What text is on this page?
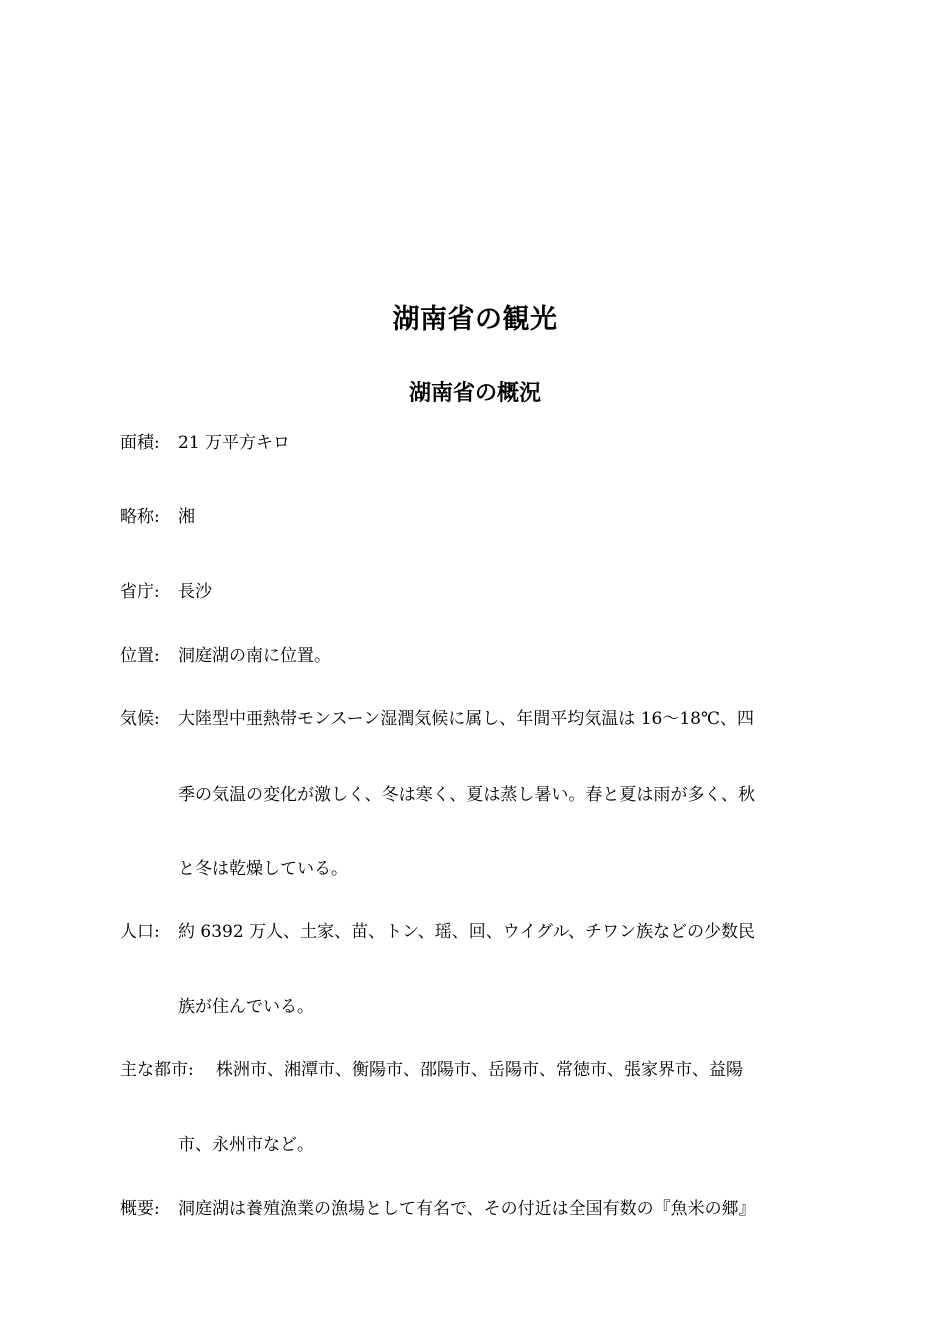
湖南省の観光
湖南省の概況
面積: 21 万平方キロ
略称: 湘
省庁: 長沙
位置: 洞庭湖の南に位置。
気候: 大陸型中亜熱帯モンスーン湿潤気候に属し、年間平均気温は 16～18℃、四
季の気温の変化が激しく、冬は寒く、夏は蒸し暑い。春と夏は雨が多く、秋
と冬は乾燥している。
人口: 約 6392 万人、土家、苗、トン、瑶、回、ウイグル、チワン族などの少数民
族が住んでいる。
主な都市: 株洲市、湘潭市、衡陽市、邵陽市、岳陽市、常徳市、張家界市、益陽
市、永州市など。
概要: 洞庭湖は養殖漁業の漁場として有名で、その付近は全国有数の『魚米の郷』
